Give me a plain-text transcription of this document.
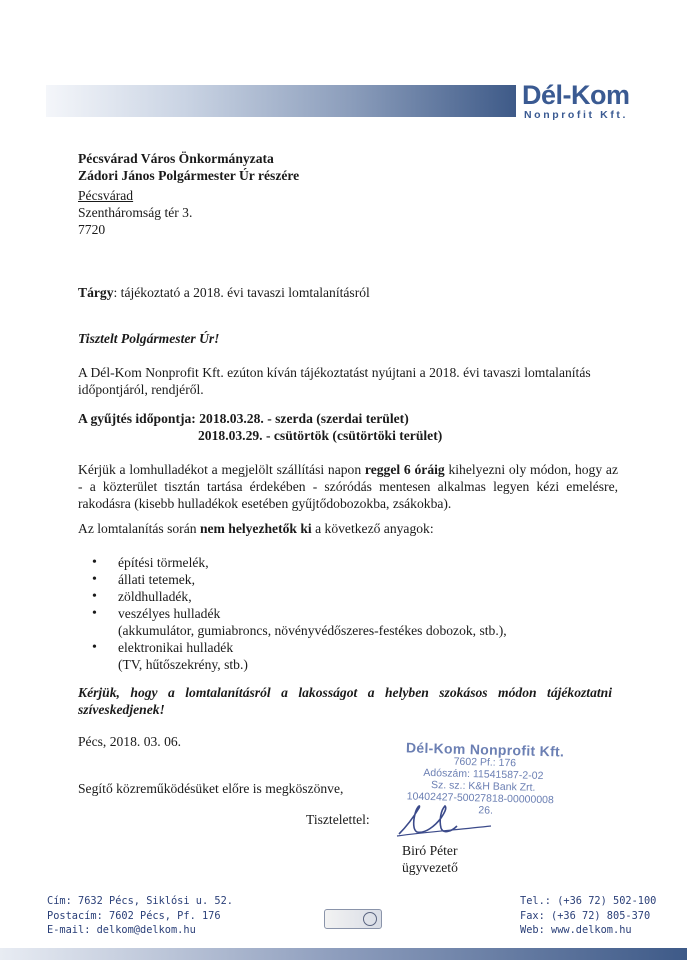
Dél-Kom
Nonprofit Kft.
Pécsvárad Város Önkormányzata
Zádori János Polgármester Úr részére
Pécsvárad
Szentháromság tér 3.
7720
Tárgy: tájékoztató a 2018. évi tavaszi lomtalanításról
Tisztelt Polgármester Úr!
A Dél-Kom Nonprofit Kft. ezúton kíván tájékoztatást nyújtani a 2018. évi tavaszi lomtalanítás időpontjáról, rendjéről.
A gyűjtés időpontja: 2018.03.28. - szerda (szerdai terület)
2018.03.29. - csütörtök (csütörtöki terület)
Kérjük a lomhulladékot a megjelölt szállítási napon reggel 6 óráig kihelyezni oly módon, hogy az - a közterület tisztán tartása érdekében - szóródás mentesen alkalmas legyen kézi emelésre, rakodásra (kisebb hulladékok esetében gyűjtődobozokba, zsákokba).
Az lomtalanítás során nem helyezhetők ki a következő anyagok:
• építési törmelék,
• állati tetemek,
• zöldhulladék,
• veszélyes hulladék
(akkumulátor, gumiabroncs, növényvédőszeres-festékes dobozok, stb.),
• elektronikai hulladék
(TV, hűtőszekrény, stb.)
Kérjük, hogy a lomtalanításról a lakosságot a helyben szokásos módon tájékoztatni szíveskedjenek!
Pécs, 2018. 03. 06.
Segítő közreműködésüket előre is megköszönve,
Tisztelettel:
Dél-Kom Nonprofit Kft.
7602 Pf.: 176
Adószám: 11541587-2-02
Sz. sz.: K&H Bank Zrt.
10402427-50027818-00000008
26.
Biró Péter
ügyvezető
Cím: 7632 Pécs, Siklósi u. 52.
Postacím: 7602 Pécs, Pf. 176
E-mail: delkom@delkom.hu
Tel.: (+36 72) 502-100
Fax: (+36 72) 805-370
Web: www.delkom.hu
